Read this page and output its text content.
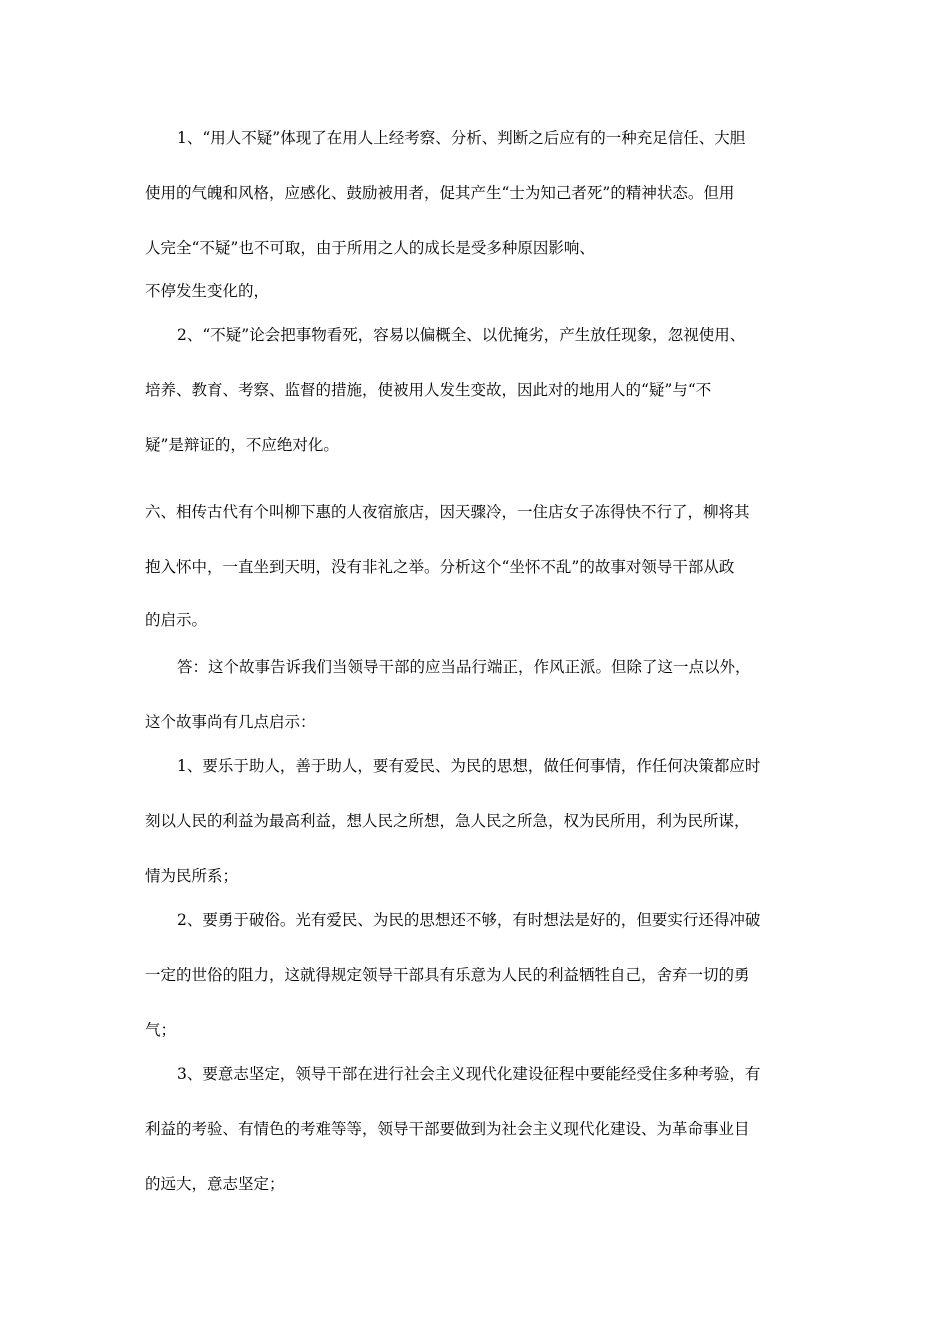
1、“用人不疑”体现了在用人上经考察、分析、判断之后应有的一种充足信任、大胆
使用的气魄和风格，应感化、鼓励被用者，促其产生“士为知己者死”的精神状态。但用
人完全“不疑”也不可取，由于所用之人的成长是受多种原因影响、
不停发生变化的，
2、“不疑”论会把事物看死，容易以偏概全、以优掩劣，产生放任现象，忽视使用、
培养、教育、考察、监督的措施，使被用人发生变故，因此对的地用人的“疑”与“不
疑”是辩证的，不应绝对化。
六、相传古代有个叫柳下惠的人夜宿旅店，因天骤冷，一住店女子冻得快不行了，柳将其
抱入怀中，一直坐到天明，没有非礼之举。分析这个“坐怀不乱”的故事对领导干部从政
的启示。
答：这个故事告诉我们当领导干部的应当品行端正，作风正派。但除了这一点以外，
这个故事尚有几点启示：
1、要乐于助人，善于助人，要有爱民、为民的思想，做任何事情，作任何决策都应时
刻以人民的利益为最高利益，想人民之所想，急人民之所急，权为民所用，利为民所谋，
情为民所系；
2、要勇于破俗。光有爱民、为民的思想还不够，有时想法是好的，但要实行还得冲破
一定的世俗的阻力，这就得规定领导干部具有乐意为人民的利益牺牲自己，舍弃一切的勇
气；
3、要意志坚定，领导干部在进行社会主义现代化建设征程中要能经受住多种考验，有
利益的考验、有情色的考难等等，领导干部要做到为社会主义现代化建设、为革命事业目
的远大，意志坚定；
